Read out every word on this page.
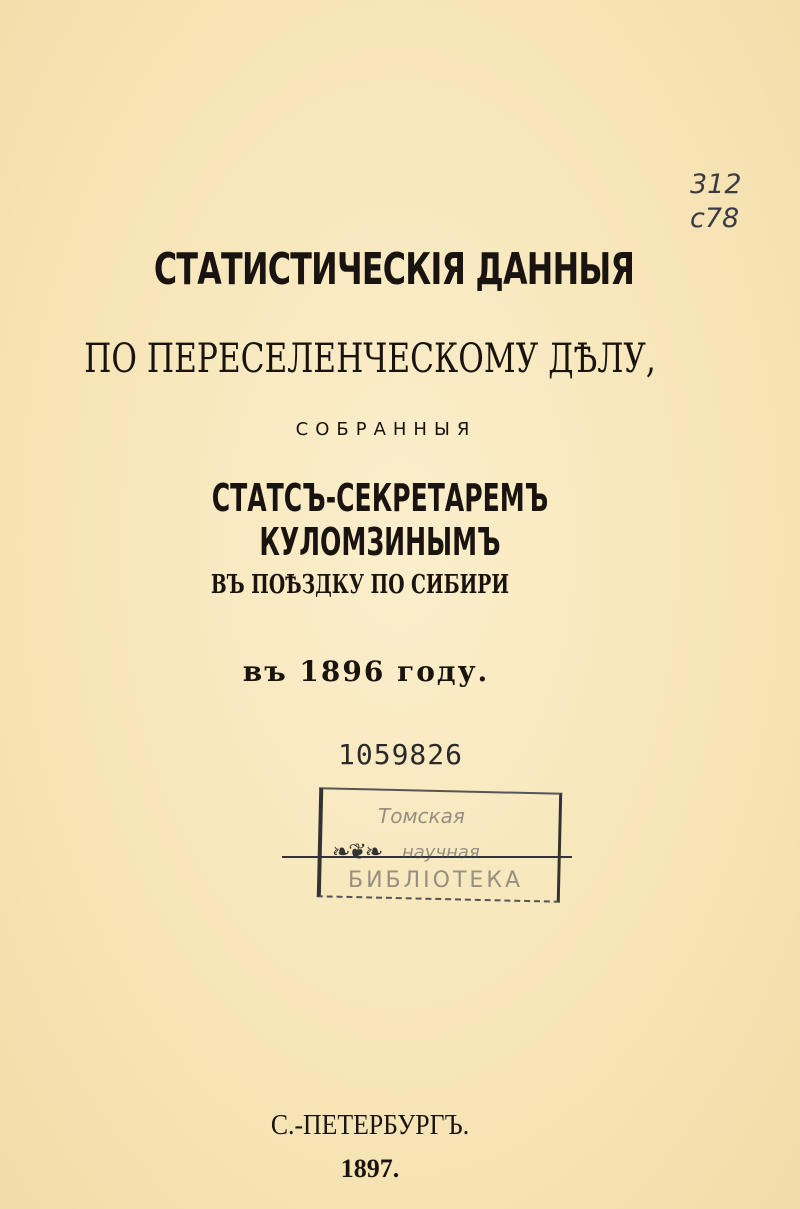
312
c78
СТАТИСТИЧЕСКІЯ ДАННЫЯ
ПО ПЕРЕСЕЛЕНЧЕСКОМУ ДѢЛУ,
СОБРАННЫЯ
СТАТСЪ-СЕКРЕТАРЕМЪ КУЛОМЗИНЫМЪ
ВЪ ПОѢЗДКУ ПО СИБИРИ
въ 1896 году.
1059826
❧❦❧
Томская
научная
БИБЛІОТЕКА
С.-ПЕТЕРБУРГЪ.
1897.
